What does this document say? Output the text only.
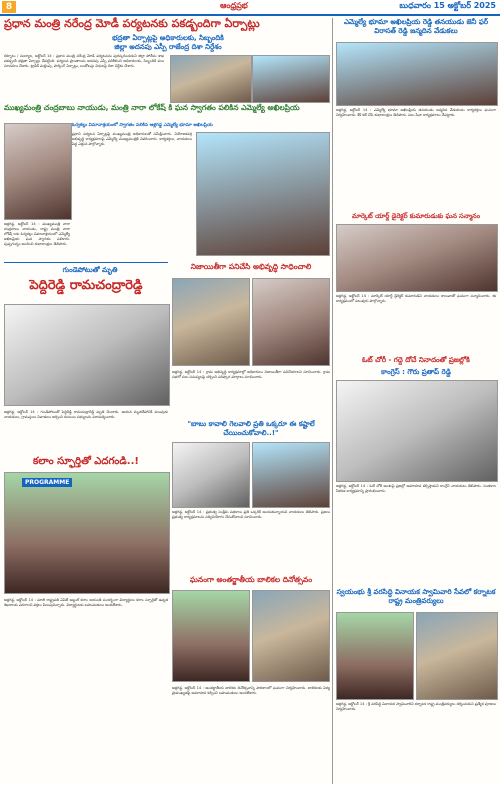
8	ఆంధ్రప్రభ	బుధవారం 15 అక్టోబర్ 2025
ప్రధాన మంత్రి నరేంద్ర మోడీ పర్యటనకు పకడ్బందిగా ఏర్పాట్లు
భద్రతా ఏర్పాట్లపై అధికారులకు, సిబ్బందికి
జిల్లా అదనపు ఎస్పీ రాజేంద్ర దిశా నిర్దేశం
కర్నూలు / నంద్యాల, అక్టోబర్ 14 : ప్రధాన మంత్రి నరేంద్ర మోడీ పర్యటనను పురస్కరించుకుని జిల్లా పోలీసు శాఖ పకడ్బందీ భద్రతా ఏర్పాట్లు చేపట్టింది. పర్యటన ప్రాంతాలను అదనపు ఎస్పీ పరిశీలించి అధికారులకు, సిబ్బందికి పలు సూచనలు చేశారు. ట్రాఫిక్ మళ్లింపు, పార్కింగ్ ఏర్పాట్లు, బందోబస్తు విధులపై దిశా నిర్దేశం చేశారు.
ముఖ్యమంత్రి చంద్రబాబు నాయుడు, మంత్రి నారా లోకేష్ కి ఘన స్వాగతం పలికిన ఎమ్మెల్యే అఖిలప్రియ
ఆళ్లగడ్డ, అక్టోబర్ 14 : ముఖ్యమంత్రి నారా చంద్రబాబు నాయుడు, రాష్ట్ర మంత్రి నారా లోకేష్ లకు ఓర్వకల్లు విమానాశ్రయంలో ఎమ్మెల్యే అఖిలప్రియ ఘన స్వాగతం పలికారు. పుష్పగుచ్ఛం అందించి శుభాకాంక్షలు తెలిపారు.
ఓర్వకల్లు విమానాశ్రయంలో స్వాగతం పలికిన ఆళ్లగడ్డ ఎమ్మెల్యే భూమా అఖిలప్రియ
ప్రధాని పర్యటన ఏర్పాట్లపై ముఖ్యమంత్రి అధికారులతో సమీక్షించారు. నియోజకవర్గ అభివృద్ధి కార్యక్రమాలపై ఎమ్మెల్యే ముఖ్యమంత్రికి వివరించారు. కార్యకర్తలు, నాయకులు పెద్ద ఎత్తున పాల్గొన్నారు.
గుండెపోటుతో మృతి
పెద్దిరెడ్డి రామచంద్రారెడ్డి
ఆళ్లగడ్డ, అక్టోబర్ 14 : గుండెపోటుతో పెద్దిరెడ్డి రామచంద్రారెడ్డి మృతి చెందారు. ఆయన మృతదేహానికి పలువురు నాయకులు, గ్రామస్తులు నివాళులు అర్పించి కుటుంబ సభ్యులను పరామర్శించారు.
కలాం స్ఫూర్తితో ఎదగండి..!
PROGRAMME
ఆళ్లగడ్డ, అక్టోబర్ 14 : మాజీ రాష్ట్రపతి ఏపీజే అబ్దుల్ కలాం జయంతి సందర్భంగా విద్యార్థులు కలాం స్ఫూర్తితో ఉన్నత శిఖరాలకు ఎదగాలని వక్తలు పిలుపునిచ్చారు. విద్యార్థులకు బహుమతులు అందజేశారు.
నిజాయితీగా పనిచేసి అభివృద్ధి సాధించాలి
ఆళ్లగడ్డ, అక్టోబర్ 14 : గ్రామ అభివృద్ధి కార్యక్రమాల్లో అధికారులు నిజాయితీగా పనిచేయాలని సూచించారు. గ్రామ సభలో పలు సమస్యలపై చర్చించి పరిష్కార మార్గాలు సూచించారు.
"బాబు కావాలి గెలవాలి ప్రతి ఒక్కరూ ఈ కష్టాలే చేయించుకోవాలి..!"
ఆళ్లగడ్డ, అక్టోబర్ 14 : ప్రభుత్వ సంక్షేమ పథకాలు ప్రతి ఒక్కరికీ అందుతున్నాయని నాయకులు తెలిపారు. ప్రజలు ప్రభుత్వ కార్యక్రమాలను సద్వినియోగం చేసుకోవాలని సూచించారు.
ఘనంగా అంతర్జాతీయ బాలికల దినోత్సవం
ఆళ్లగడ్డ, అక్టోబర్ 14 : అంతర్జాతీయ బాలికల దినోత్సవాన్ని పాఠశాలలో ఘనంగా నిర్వహించారు. బాలికలకు విద్య ప్రాముఖ్యతపై అవగాహన కల్పించి బహుమతులు అందజేశారు.
ఎమ్మెల్యే భూమా అఖిలప్రియ రెడ్డి తనయుడు జెనీ ఫర్ విరాసత్ రెడ్డి జన్మదిన వేడుకలు
ఆళ్లగడ్డ, అక్టోబర్ 14 : ఎమ్మెల్యే భూమా అఖిలప్రియ తనయుడు జన్మదిన వేడుకలను కార్యకర్తలు ఘనంగా నిర్వహించారు. కేక్ కట్ చేసి శుభాకాంక్షలు తెలిపారు. పలు సేవా కార్యక్రమాలు చేపట్టారు.
మార్కెట్ యార్డ్ డైరెక్టర్ కుమారుడుకు ఘన సన్మానం
ఆళ్లగడ్డ, అక్టోబర్ 14 : మార్కెట్ యార్డ్ డైరెక్టర్ కుమారుడిని నాయకులు శాలువాతో ఘనంగా సన్మానించారు. ఈ కార్యక్రమంలో పలువురు పాల్గొన్నారు.
ఓట్ చోరీ - గద్దె దోచే నినాదంతో ప్రజల్లోకి
కాంగ్రెస్ : గౌరు ప్రతాప్ రెడ్డి
ఆళ్లగడ్డ, అక్టోబర్ 14 : ఓట్ చోరీ అంశంపై ప్రజల్లో అవగాహన కల్పిస్తామని కాంగ్రెస్ నాయకులు తెలిపారు. సంతకాల సేకరణ కార్యక్రమాన్ని ప్రారంభించారు.
స్వయంభు శ్రీ వరసిద్ధి వినాయక స్వామివారి సేవలో కర్నాటక రాష్ట్ర మంత్రివర్యులు
ఆళ్లగడ్డ, అక్టోబర్ 14 : శ్రీ వరసిద్ధి వినాయక స్వామివారిని కర్నాటక రాష్ట్ర మంత్రివర్యులు దర్శించుకుని ప్రత్యేక పూజలు నిర్వహించారు.
